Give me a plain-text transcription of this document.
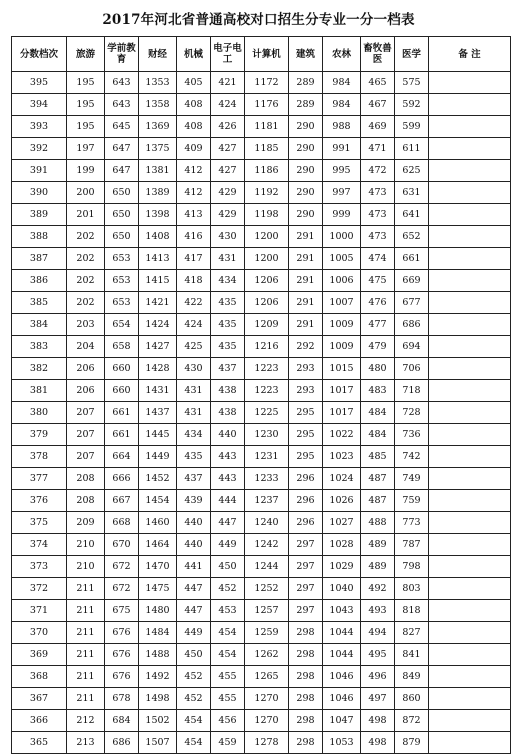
2017年河北省普通高校对口招生分专业一分一档表
分数档次	旅游	学前教育	财经	机械	电子电工	计算机	建筑	农林	畜牧兽医	医学	备 注
395	195	643	1353	405	421	1172	289	984	465	575	
394	195	643	1358	408	424	1176	289	984	467	592	
393	195	645	1369	408	426	1181	290	988	469	599	
392	197	647	1375	409	427	1185	290	991	471	611	
391	199	647	1381	412	427	1186	290	995	472	625	
390	200	650	1389	412	429	1192	290	997	473	631	
389	201	650	1398	413	429	1198	290	999	473	641	
388	202	650	1408	416	430	1200	291	1000	473	652	
387	202	653	1413	417	431	1200	291	1005	474	661	
386	202	653	1415	418	434	1206	291	1006	475	669	
385	202	653	1421	422	435	1206	291	1007	476	677	
384	203	654	1424	424	435	1209	291	1009	477	686	
383	204	658	1427	425	435	1216	292	1009	479	694	
382	206	660	1428	430	437	1223	293	1015	480	706	
381	206	660	1431	431	438	1223	293	1017	483	718	
380	207	661	1437	431	438	1225	295	1017	484	728	
379	207	661	1445	434	440	1230	295	1022	484	736	
378	207	664	1449	435	443	1231	295	1023	485	742	
377	208	666	1452	437	443	1233	296	1024	487	749	
376	208	667	1454	439	444	1237	296	1026	487	759	
375	209	668	1460	440	447	1240	296	1027	488	773	
374	210	670	1464	440	449	1242	297	1028	489	787	
373	210	672	1470	441	450	1244	297	1029	489	798	
372	211	672	1475	447	452	1252	297	1040	492	803	
371	211	675	1480	447	453	1257	297	1043	493	818	
370	211	676	1484	449	454	1259	298	1044	494	827	
369	211	676	1488	450	454	1262	298	1044	495	841	
368	211	676	1492	452	455	1265	298	1046	496	849	
367	211	678	1498	452	455	1270	298	1046	497	860	
366	212	684	1502	454	456	1270	298	1047	498	872	
365	213	686	1507	454	459	1278	298	1053	498	879	
